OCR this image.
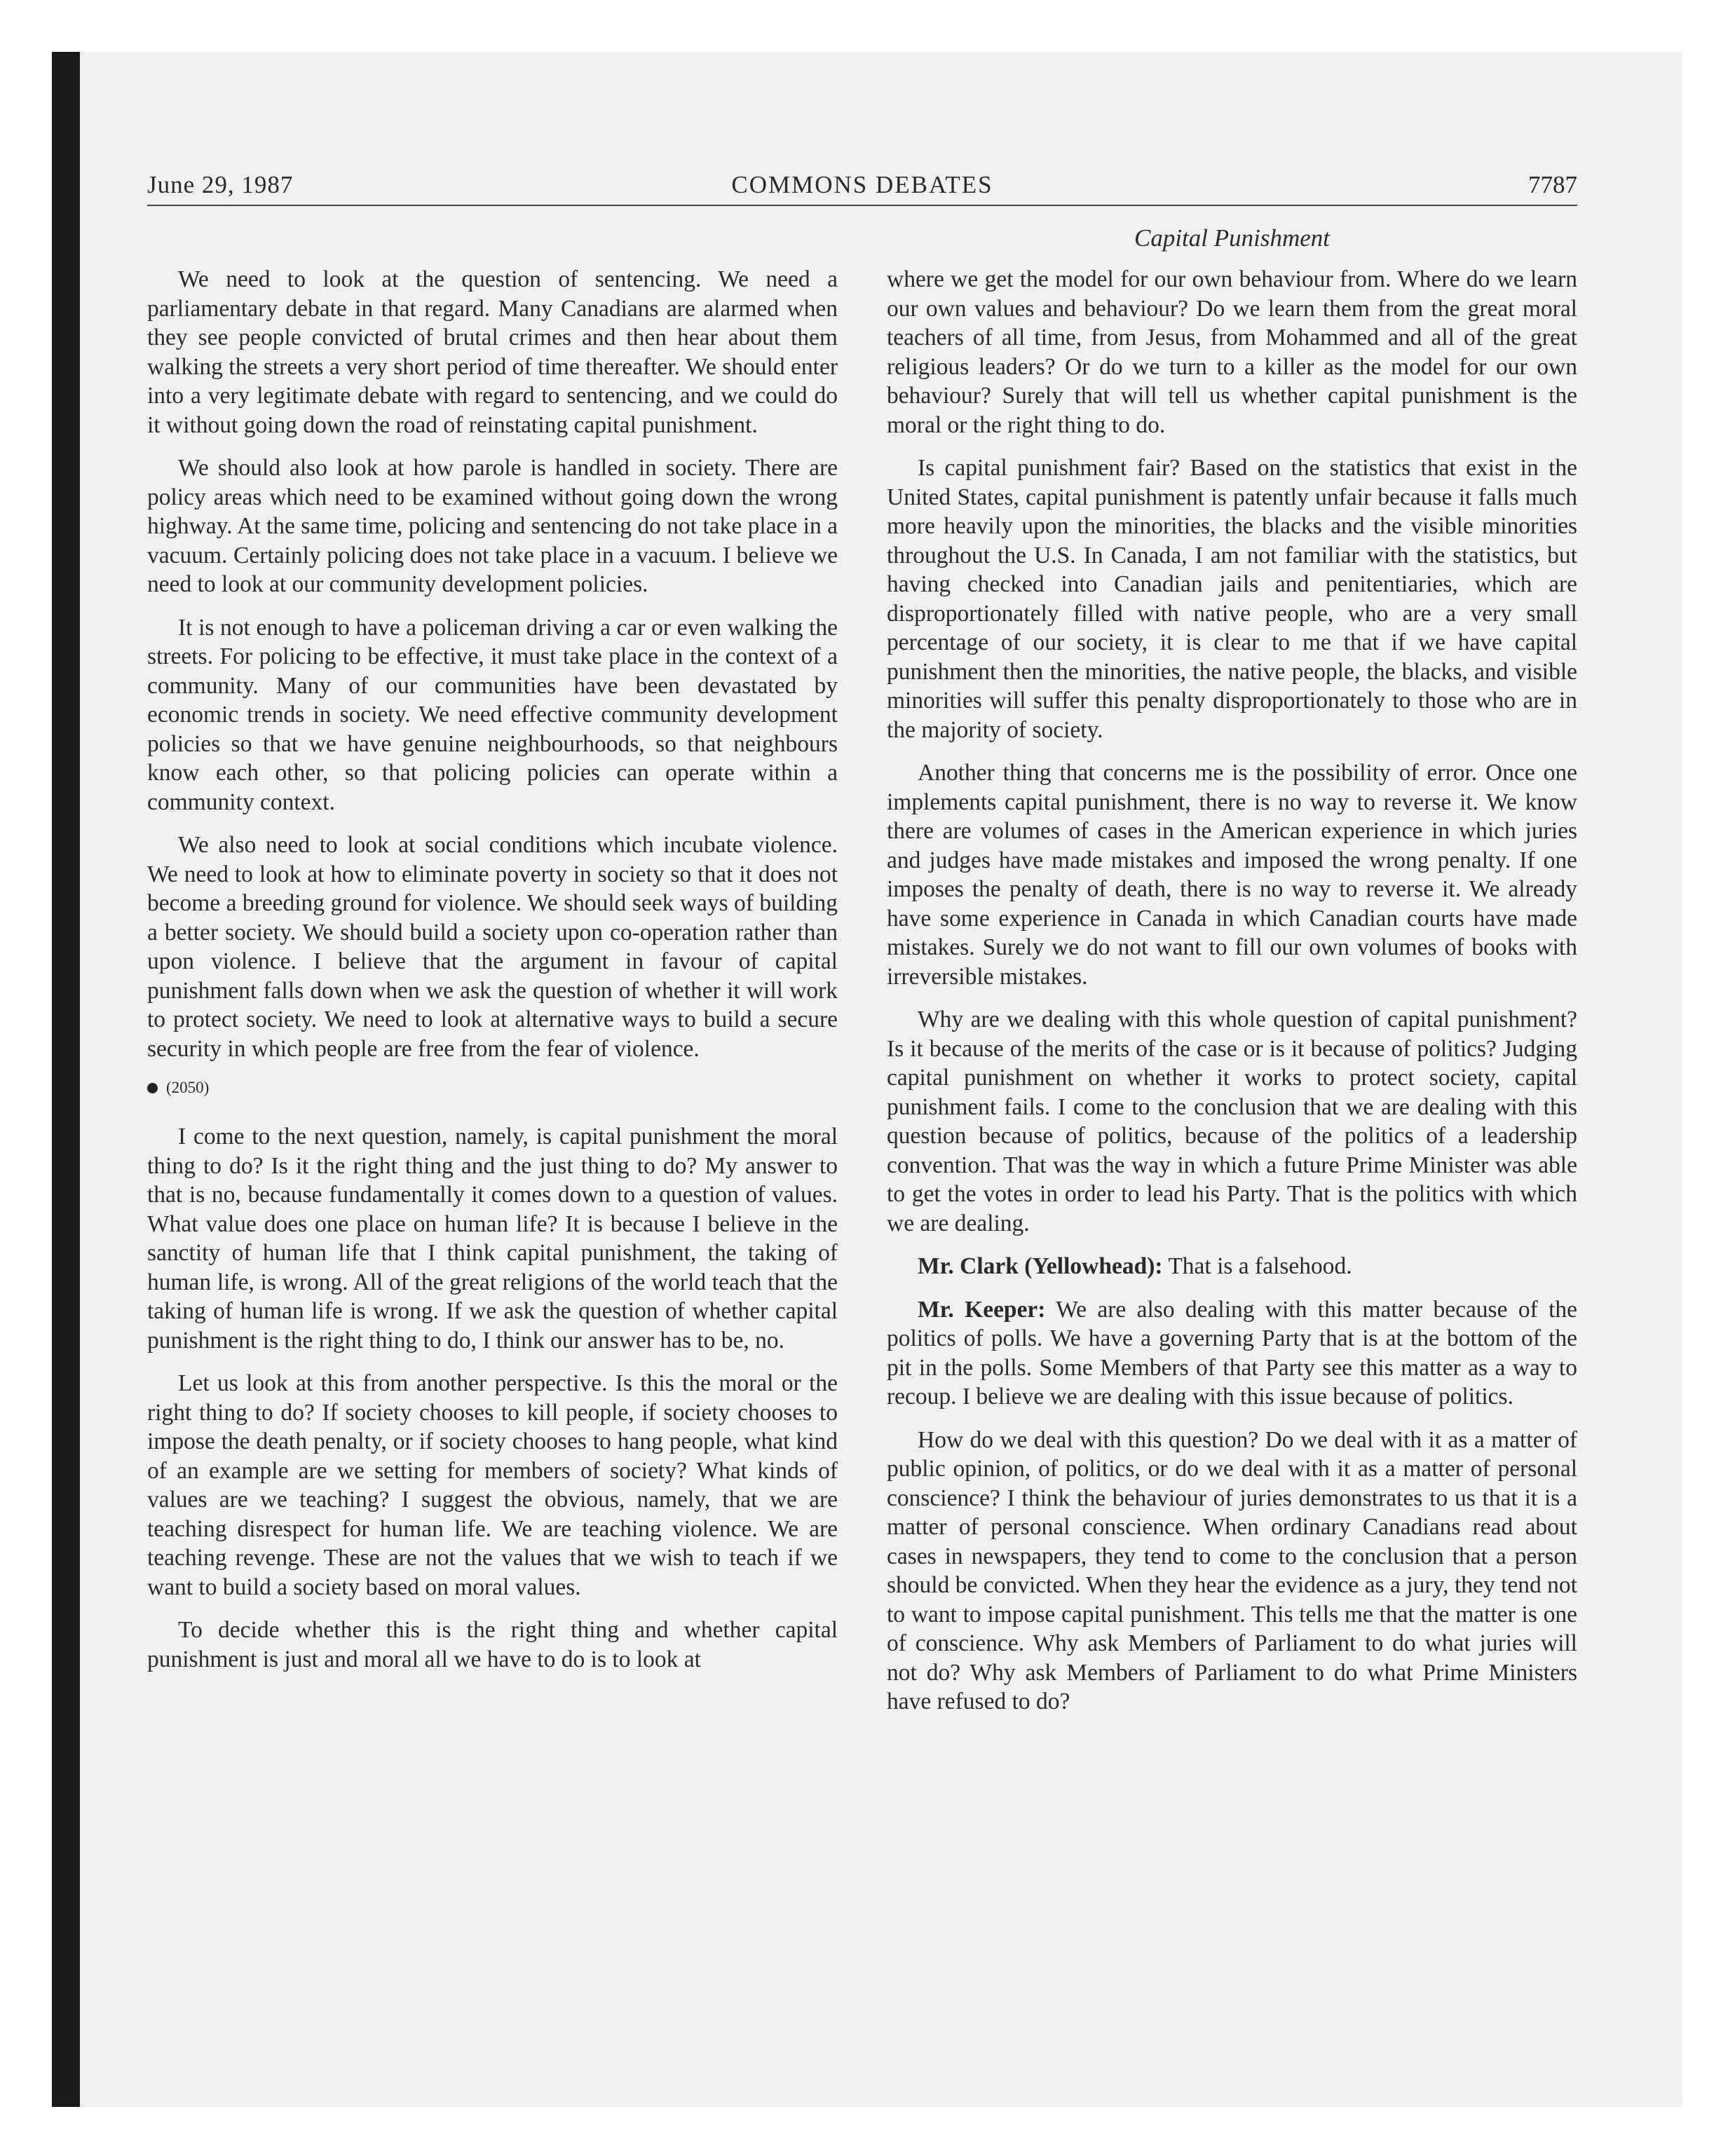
June 29, 1987	COMMONS DEBATES	7787
Capital Punishment

We need to look at the question of sentencing. We need a parliamentary debate in that regard. Many Canadians are alarmed when they see people convicted of brutal crimes and then hear about them walking the streets a very short period of time thereafter. We should enter into a very legitimate debate with regard to sentencing, and we could do it without going down the road of reinstating capital punishment.

We should also look at how parole is handled in society. There are policy areas which need to be examined without going down the wrong highway. At the same time, policing and sentencing do not take place in a vacuum. Certainly policing does not take place in a vacuum. I believe we need to look at our community development policies.

It is not enough to have a policeman driving a car or even walking the streets. For policing to be effective, it must take place in the context of a community. Many of our communities have been devastated by economic trends in society. We need effective community development policies so that we have genuine neighbourhoods, so that neighbours know each other, so that policing policies can operate within a community context.

We also need to look at social conditions which incubate violence. We need to look at how to eliminate poverty in society so that it does not become a breeding ground for violence. We should seek ways of building a better society. We should build a society upon co-operation rather than upon violence. I believe that the argument in favour of capital punishment falls down when we ask the question of whether it will work to protect society. We need to look at alternative ways to build a secure security in which people are free from the fear of violence.

(2050)

I come to the next question, namely, is capital punishment the moral thing to do? Is it the right thing and the just thing to do? My answer to that is no, because fundamentally it comes down to a question of values. What value does one place on human life? It is because I believe in the sanctity of human life that I think capital punishment, the taking of human life, is wrong. All of the great religions of the world teach that the taking of human life is wrong. If we ask the question of whether capital punishment is the right thing to do, I think our answer has to be, no.

Let us look at this from another perspective. Is this the moral or the right thing to do? If society chooses to kill people, if society chooses to impose the death penalty, or if society chooses to hang people, what kind of an example are we setting for members of society? What kinds of values are we teaching? I suggest the obvious, namely, that we are teaching disrespect for human life. We are teaching violence. We are teaching revenge. These are not the values that we wish to teach if we want to build a society based on moral values.

To decide whether this is the right thing and whether capital punishment is just and moral all we have to do is to look at

where we get the model for our own behaviour from. Where do we learn our own values and behaviour? Do we learn them from the great moral teachers of all time, from Jesus, from Mohammed and all of the great religious leaders? Or do we turn to a killer as the model for our own behaviour? Surely that will tell us whether capital punishment is the moral or the right thing to do.

Is capital punishment fair? Based on the statistics that exist in the United States, capital punishment is patently unfair because it falls much more heavily upon the minorities, the blacks and the visible minorities throughout the U.S. In Canada, I am not familiar with the statistics, but having checked into Canadian jails and penitentiaries, which are disproportionately filled with native people, who are a very small percentage of our society, it is clear to me that if we have capital punishment then the minorities, the native people, the blacks, and visible minorities will suffer this penalty disproportionately to those who are in the majority of society.

Another thing that concerns me is the possibility of error. Once one implements capital punishment, there is no way to reverse it. We know there are volumes of cases in the American experience in which juries and judges have made mistakes and imposed the wrong penalty. If one imposes the penalty of death, there is no way to reverse it. We already have some experience in Canada in which Canadian courts have made mistakes. Surely we do not want to fill our own volumes of books with irreversible mistakes.

Why are we dealing with this whole question of capital punishment? Is it because of the merits of the case or is it because of politics? Judging capital punishment on whether it works to protect society, capital punishment fails. I come to the conclusion that we are dealing with this question because of politics, because of the politics of a leadership convention. That was the way in which a future Prime Minister was able to get the votes in order to lead his Party. That is the politics with which we are dealing.

Mr. Clark (Yellowhead): That is a falsehood.

Mr. Keeper: We are also dealing with this matter because of the politics of polls. We have a governing Party that is at the bottom of the pit in the polls. Some Members of that Party see this matter as a way to recoup. I believe we are dealing with this issue because of politics.

How do we deal with this question? Do we deal with it as a matter of public opinion, of politics, or do we deal with it as a matter of personal conscience? I think the behaviour of juries demonstrates to us that it is a matter of personal conscience. When ordinary Canadians read about cases in newspapers, they tend to come to the conclusion that a person should be convicted. When they hear the evidence as a jury, they tend not to want to impose capital punishment. This tells me that the matter is one of conscience. Why ask Members of Parliament to do what juries will not do? Why ask Members of Parliament to do what Prime Ministers have refused to do?
